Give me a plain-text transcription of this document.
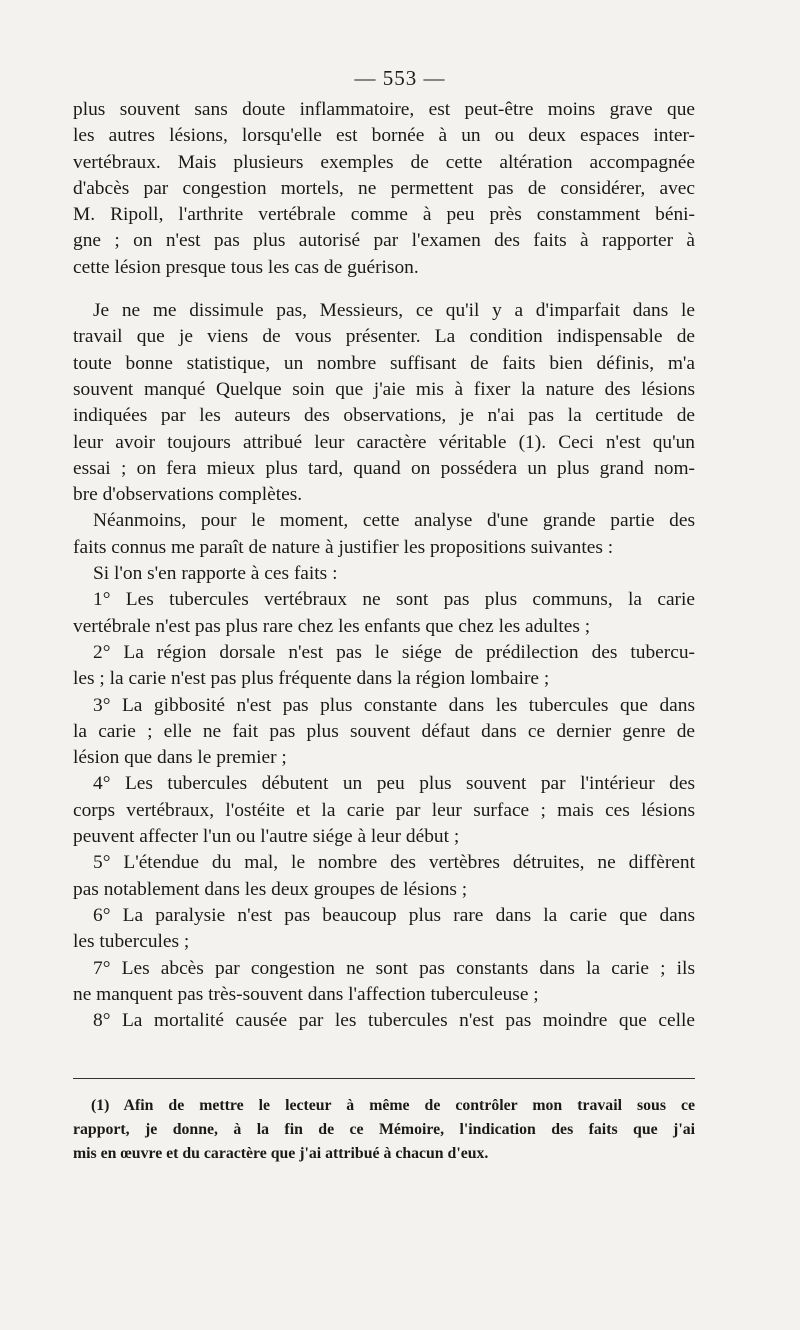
— 553 —
plus souvent sans doute inflammatoire, est peut-être moins grave que
les autres lésions, lorsqu'elle est bornée à un ou deux espaces inter-
vertébraux. Mais plusieurs exemples de cette altération accompagnée
d'abcès par congestion mortels, ne permettent pas de considérer, avec
M. Ripoll, l'arthrite vertébrale comme à peu près constamment béni-
gne ; on n'est pas plus autorisé par l'examen des faits à rapporter à
cette lésion presque tous les cas de guérison.
Je ne me dissimule pas, Messieurs, ce qu'il y a d'imparfait dans le
travail que je viens de vous présenter. La condition indispensable de
toute bonne statistique, un nombre suffisant de faits bien définis, m'a
souvent manqué Quelque soin que j'aie mis à fixer la nature des lésions
indiquées par les auteurs des observations, je n'ai pas la certitude de
leur avoir toujours attribué leur caractère véritable (1). Ceci n'est qu'un
essai ; on fera mieux plus tard, quand on possédera un plus grand nom-
bre d'observations complètes.
Néanmoins, pour le moment, cette analyse d'une grande partie des
faits connus me paraît de nature à justifier les propositions suivantes :
Si l'on s'en rapporte à ces faits :
1° Les tubercules vertébraux ne sont pas plus communs, la carie
vertébrale n'est pas plus rare chez les enfants que chez les adultes ;
2° La région dorsale n'est pas le siége de prédilection des tubercu-
les ; la carie n'est pas plus fréquente dans la région lombaire ;
3° La gibbosité n'est pas plus constante dans les tubercules que dans
la carie ; elle ne fait pas plus souvent défaut dans ce dernier genre de
lésion que dans le premier ;
4° Les tubercules débutent un peu plus souvent par l'intérieur des
corps vertébraux, l'ostéite et la carie par leur surface ; mais ces lésions
peuvent affecter l'un ou l'autre siége à leur début ;
5° L'étendue du mal, le nombre des vertèbres détruites, ne diffèrent
pas notablement dans les deux groupes de lésions ;
6° La paralysie n'est pas beaucoup plus rare dans la carie que dans
les tubercules ;
7° Les abcès par congestion ne sont pas constants dans la carie ; ils
ne manquent pas très-souvent dans l'affection tuberculeuse ;
8° La mortalité causée par les tubercules n'est pas moindre que celle
(1) Afin de mettre le lecteur à même de contrôler mon travail sous ce
rapport, je donne, à la fin de ce Mémoire, l'indication des faits que j'ai
mis en œuvre et du caractère que j'ai attribué à chacun d'eux.
